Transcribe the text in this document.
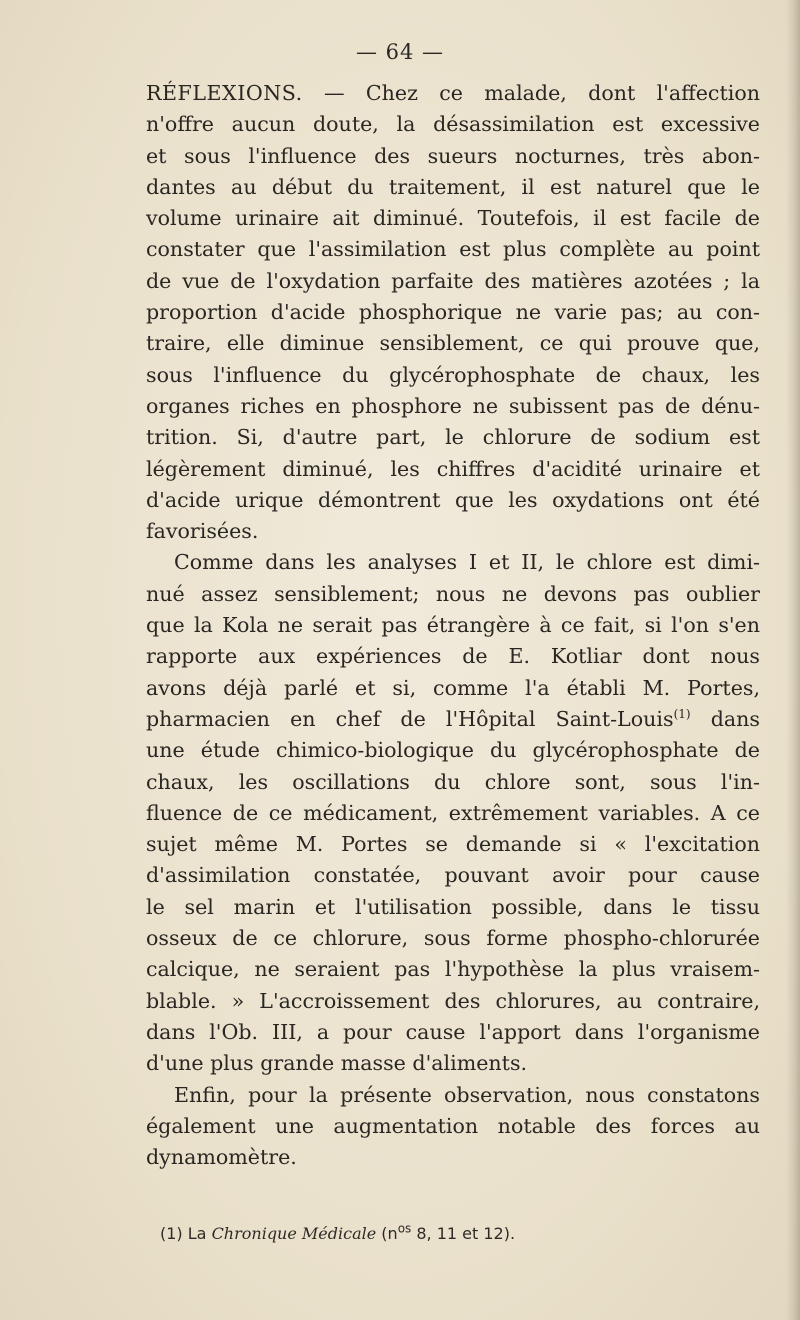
— 64 —

RÉFLEXIONS. — Chez ce malade, dont l'affection

n'offre aucun doute, la désassimilation est excessive

et sous l'influence des sueurs nocturnes, très abon-

dantes au début du traitement, il est naturel que le

volume urinaire ait diminué. Toutefois, il est facile de

constater que l'assimilation est plus complète au point

de vue de l'oxydation parfaite des matières azotées ; la

proportion d'acide phosphorique ne varie pas; au con-

traire, elle diminue sensiblement, ce qui prouve que,

sous l'influence du glycérophosphate de chaux, les

organes riches en phosphore ne subissent pas de dénu-

trition. Si, d'autre part, le chlorure de sodium est

légèrement diminué, les chiffres d'acidité urinaire et

d'acide urique démontrent que les oxydations ont été

favorisées.

Comme dans les analyses I et II, le chlore est dimi-

nué assez sensiblement; nous ne devons pas oublier

que la Kola ne serait pas étrangère à ce fait, si l'on s'en

rapporte aux expériences de E. Kotliar dont nous

avons déjà parlé et si, comme l'a établi M. Portes,

pharmacien en chef de l'Hôpital Saint-Louis$^{(1)}$ dans

une étude chimico-biologique du glycérophosphate de

chaux, les oscillations du chlore sont, sous l'in-

fluence de ce médicament, extrêmement variables. A ce

sujet même M. Portes se demande si « l'excitation

d'assimilation constatée, pouvant avoir pour cause

le sel marin et l'utilisation possible, dans le tissu

osseux de ce chlorure, sous forme phospho-chlorurée

calcique, ne seraient pas l'hypothèse la plus vraisem-

blable. » L'accroissement des chlorures, au contraire,

dans l'Ob. III, a pour cause l'apport dans l'organisme

d'une plus grande masse d'aliments.

Enfin, pour la présente observation, nous constatons

également une augmentation notable des forces au

dynamomètre.

(1) La Chronique Médicale ($n^{os}$ 8, 11 et 12).
